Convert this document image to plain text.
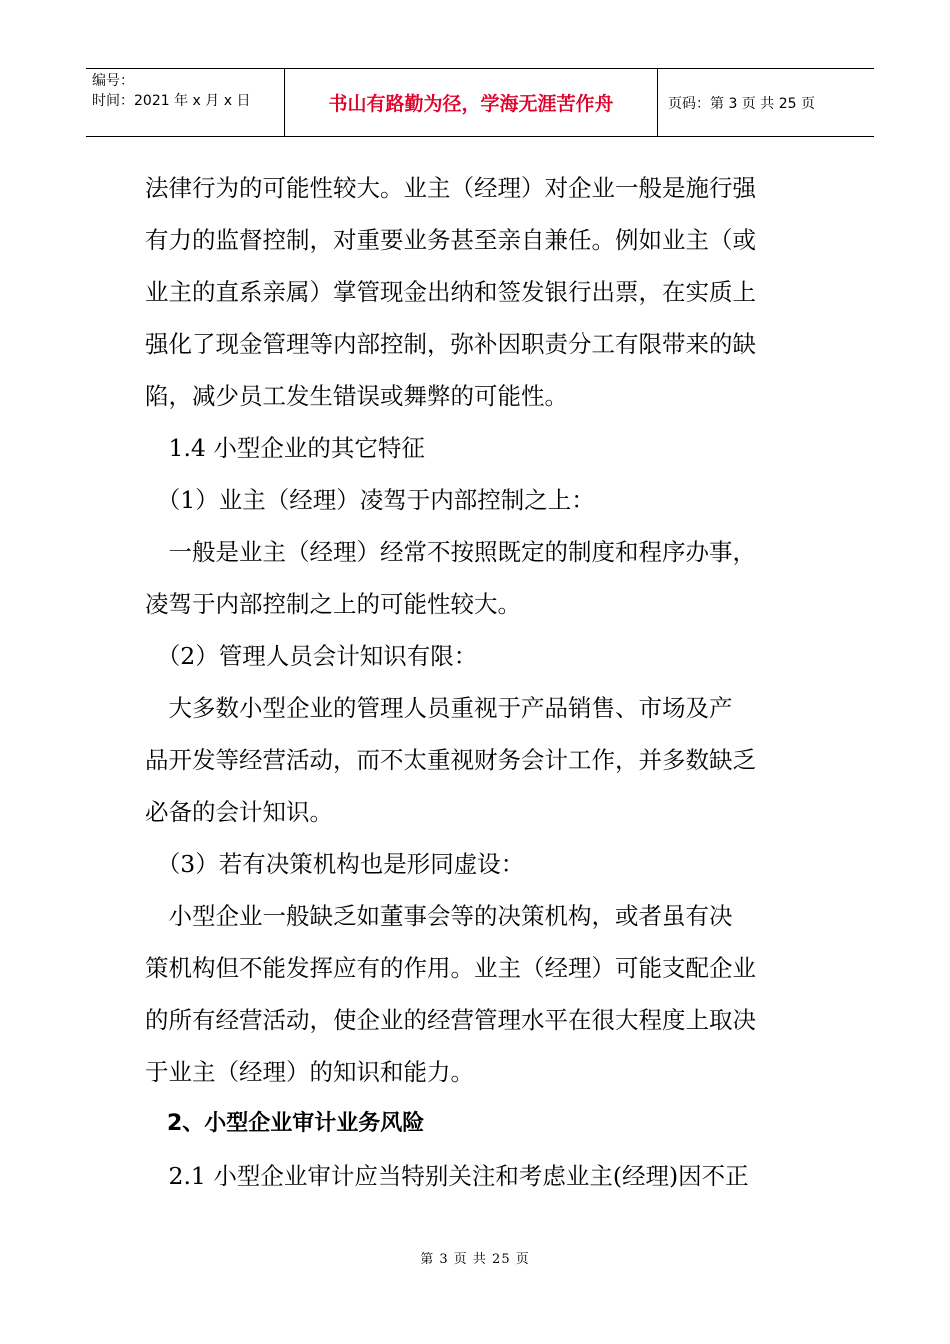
编号：
时间：2021 年 x 月 x 日	书山有路勤为径，学海无涯苦作舟	页码：第 3 页 共 25 页
法律行为的可能性较大。业主（经理）对企业一般是施行强
有力的监督控制，对重要业务甚至亲自兼任。例如业主（或
业主的直系亲属）掌管现金出纳和签发银行出票，在实质上
强化了现金管理等内部控制，弥补因职责分工有限带来的缺
陷，减少员工发生错误或舞弊的可能性。
　1.4 小型企业的其它特征
　（1）业主（经理）凌驾于内部控制之上：
　一般是业主（经理）经常不按照既定的制度和程序办事，
凌驾于内部控制之上的可能性较大。
　（2）管理人员会计知识有限：
　大多数小型企业的管理人员重视于产品销售、市场及产
品开发等经营活动，而不太重视财务会计工作，并多数缺乏
必备的会计知识。
　（3）若有决策机构也是形同虚设：
　小型企业一般缺乏如董事会等的决策机构，或者虽有决
策机构但不能发挥应有的作用。业主（经理）可能支配企业
的所有经营活动，使企业的经营管理水平在很大程度上取决
于业主（经理）的知识和能力。
　2、小型企业审计业务风险
　2.1 小型企业审计应当特别关注和考虑业主(经理)因不正
第 3 页 共 25 页
